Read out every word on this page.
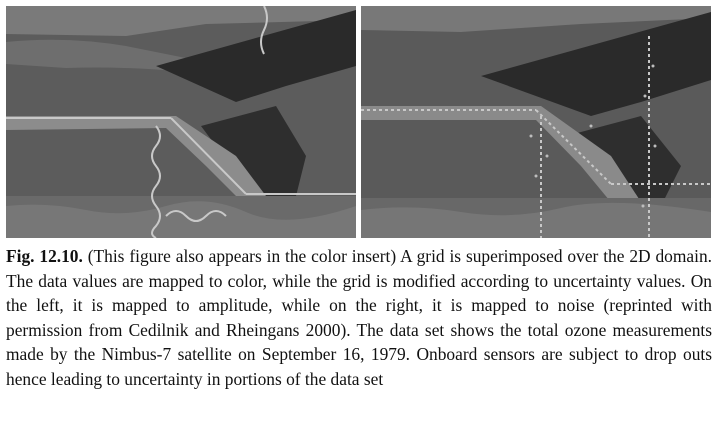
Fig. 12.10. (This figure also appears in the color insert) A grid is superimposed over the 2D domain. The data values are mapped to color, while the grid is modified according to uncertainty values. On the left, it is mapped to amplitude, while on the right, it is mapped to noise (reprinted with permission from Cedilnik and Rheingans 2000). The data set shows the total ozone measurements made by the Nimbus-7 satellite on September 16, 1979. Onboard sensors are subject to drop outs hence leading to uncertainty in portions of the data set
